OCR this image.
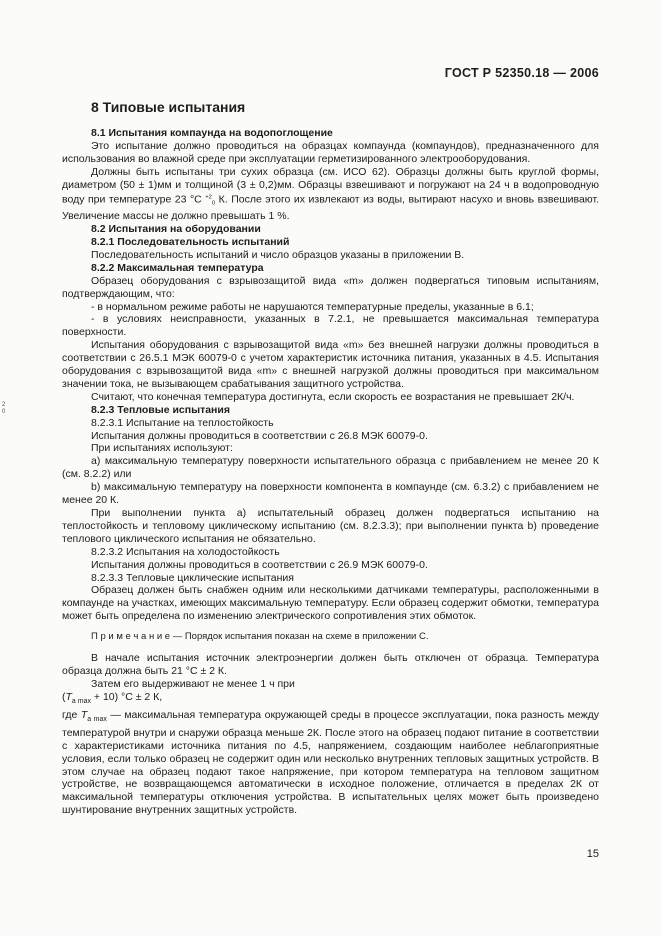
ГОСТ Р 52350.18 — 2006
8 Типовые испытания
2
0

8.1 Испытания компаунда на водопоглощение

Это испытание должно проводиться на образцах компаунда (компаундов), предназначенного для использования во влажной среде при эксплуатации герметизированного электрооборудования.

Должны быть испытаны три сухих образца (см. ИСО 62). Образцы должны быть круглой формы, диаметром (50 ± 1)мм и толщиной (3 ± 0,2)мм. Образцы взвешивают и погружают на 24 ч в водопроводную воду при температуре 23 °С $^{+2}_0$ К. После этого их извлекают из воды, вытирают насухо и вновь взвешивают. Увеличение массы не должно превышать 1 %.

8.2 Испытания на оборудовании

8.2.1 Последовательность испытаний

Последовательность испытаний и число образцов указаны в приложении В.

8.2.2 Максимальная температура

Образец оборудования с взрывозащитой вида «m» должен подвергаться типовым испытаниям, подтверждающим, что:

- в нормальном режиме работы не нарушаются температурные пределы, указанные в 6.1;

- в условиях неисправности, указанных в 7.2.1, не превышается максимальная температура поверхности.

Испытания оборудования с взрывозащитой вида «m» без внешней нагрузки должны проводиться в соответствии с 26.5.1 МЭК 60079-0 с учетом характеристик источника питания, указанных в 4.5. Испытания оборудования с взрывозащитой вида «m» с внешней нагрузкой должны проводиться при максимальном значении тока, не вызывающем срабатывания защитного устройства.

Считают, что конечная температура достигнута, если скорость ее возрастания не превышает 2К/ч.

8.2.3 Тепловые испытания

8.2.3.1 Испытание на теплостойкость

Испытания должны проводиться в соответствии с 26.8 МЭК 60079-0.

При испытаниях используют:

а) максимальную температуру поверхности испытательного образца с прибавлением не менее 20 К (см. 8.2.2) или

b) максимальную температуру на поверхности компонента в компаунде (см. 6.3.2) с прибавлением не менее 20 К.

При выполнении пункта а) испытательный образец должен подвергаться испытанию на теплостойкость и тепловому циклическому испытанию (см. 8.2.3.3); при выполнении пункта b) проведение теплового циклического испытания не обязательно.

8.2.3.2 Испытания на холодостойкость

Испытания должны проводиться в соответствии с 26.9 МЭК 60079-0.

8.2.3.3 Тепловые циклические испытания

Образец должен быть снабжен одним или несколькими датчиками температуры, расположенными в компаунде на участках, имеющих максимальную температуру. Если образец содержит обмотки, температура может быть определена по изменению электрического сопротивления этих обмоток.

П р и м е ч а н и е — Порядок испытания показан на схеме в приложении С.

В начале испытания источник электроэнергии должен быть отключен от образца. Температура образца должна быть 21 °С ± 2 К.

Затем его выдерживают не менее 1 ч при

$(T_{a max} + 10) ^\circ С \pm 2$ К,

где $T_{a max}$ — максимальная температура окружающей среды в процессе эксплуатации, пока разность между температурой внутри и снаружи образца меньше 2К. После этого на образец подают питание в соответствии с характеристиками источника питания по 4.5, напряжением, создающим наиболее неблагоприятные условия, если только образец не содержит один или несколько внутренних тепловых защитных устройств. В этом случае на образец подают такое напряжение, при котором температура на тепловом защитном устройстве, не возвращающемся автоматически в исходное положение, отличается в пределах 2К от максимальной температуры отключения устройства. В испытательных целях может быть произведено шунтирование внутренних защитных устройств.

15
